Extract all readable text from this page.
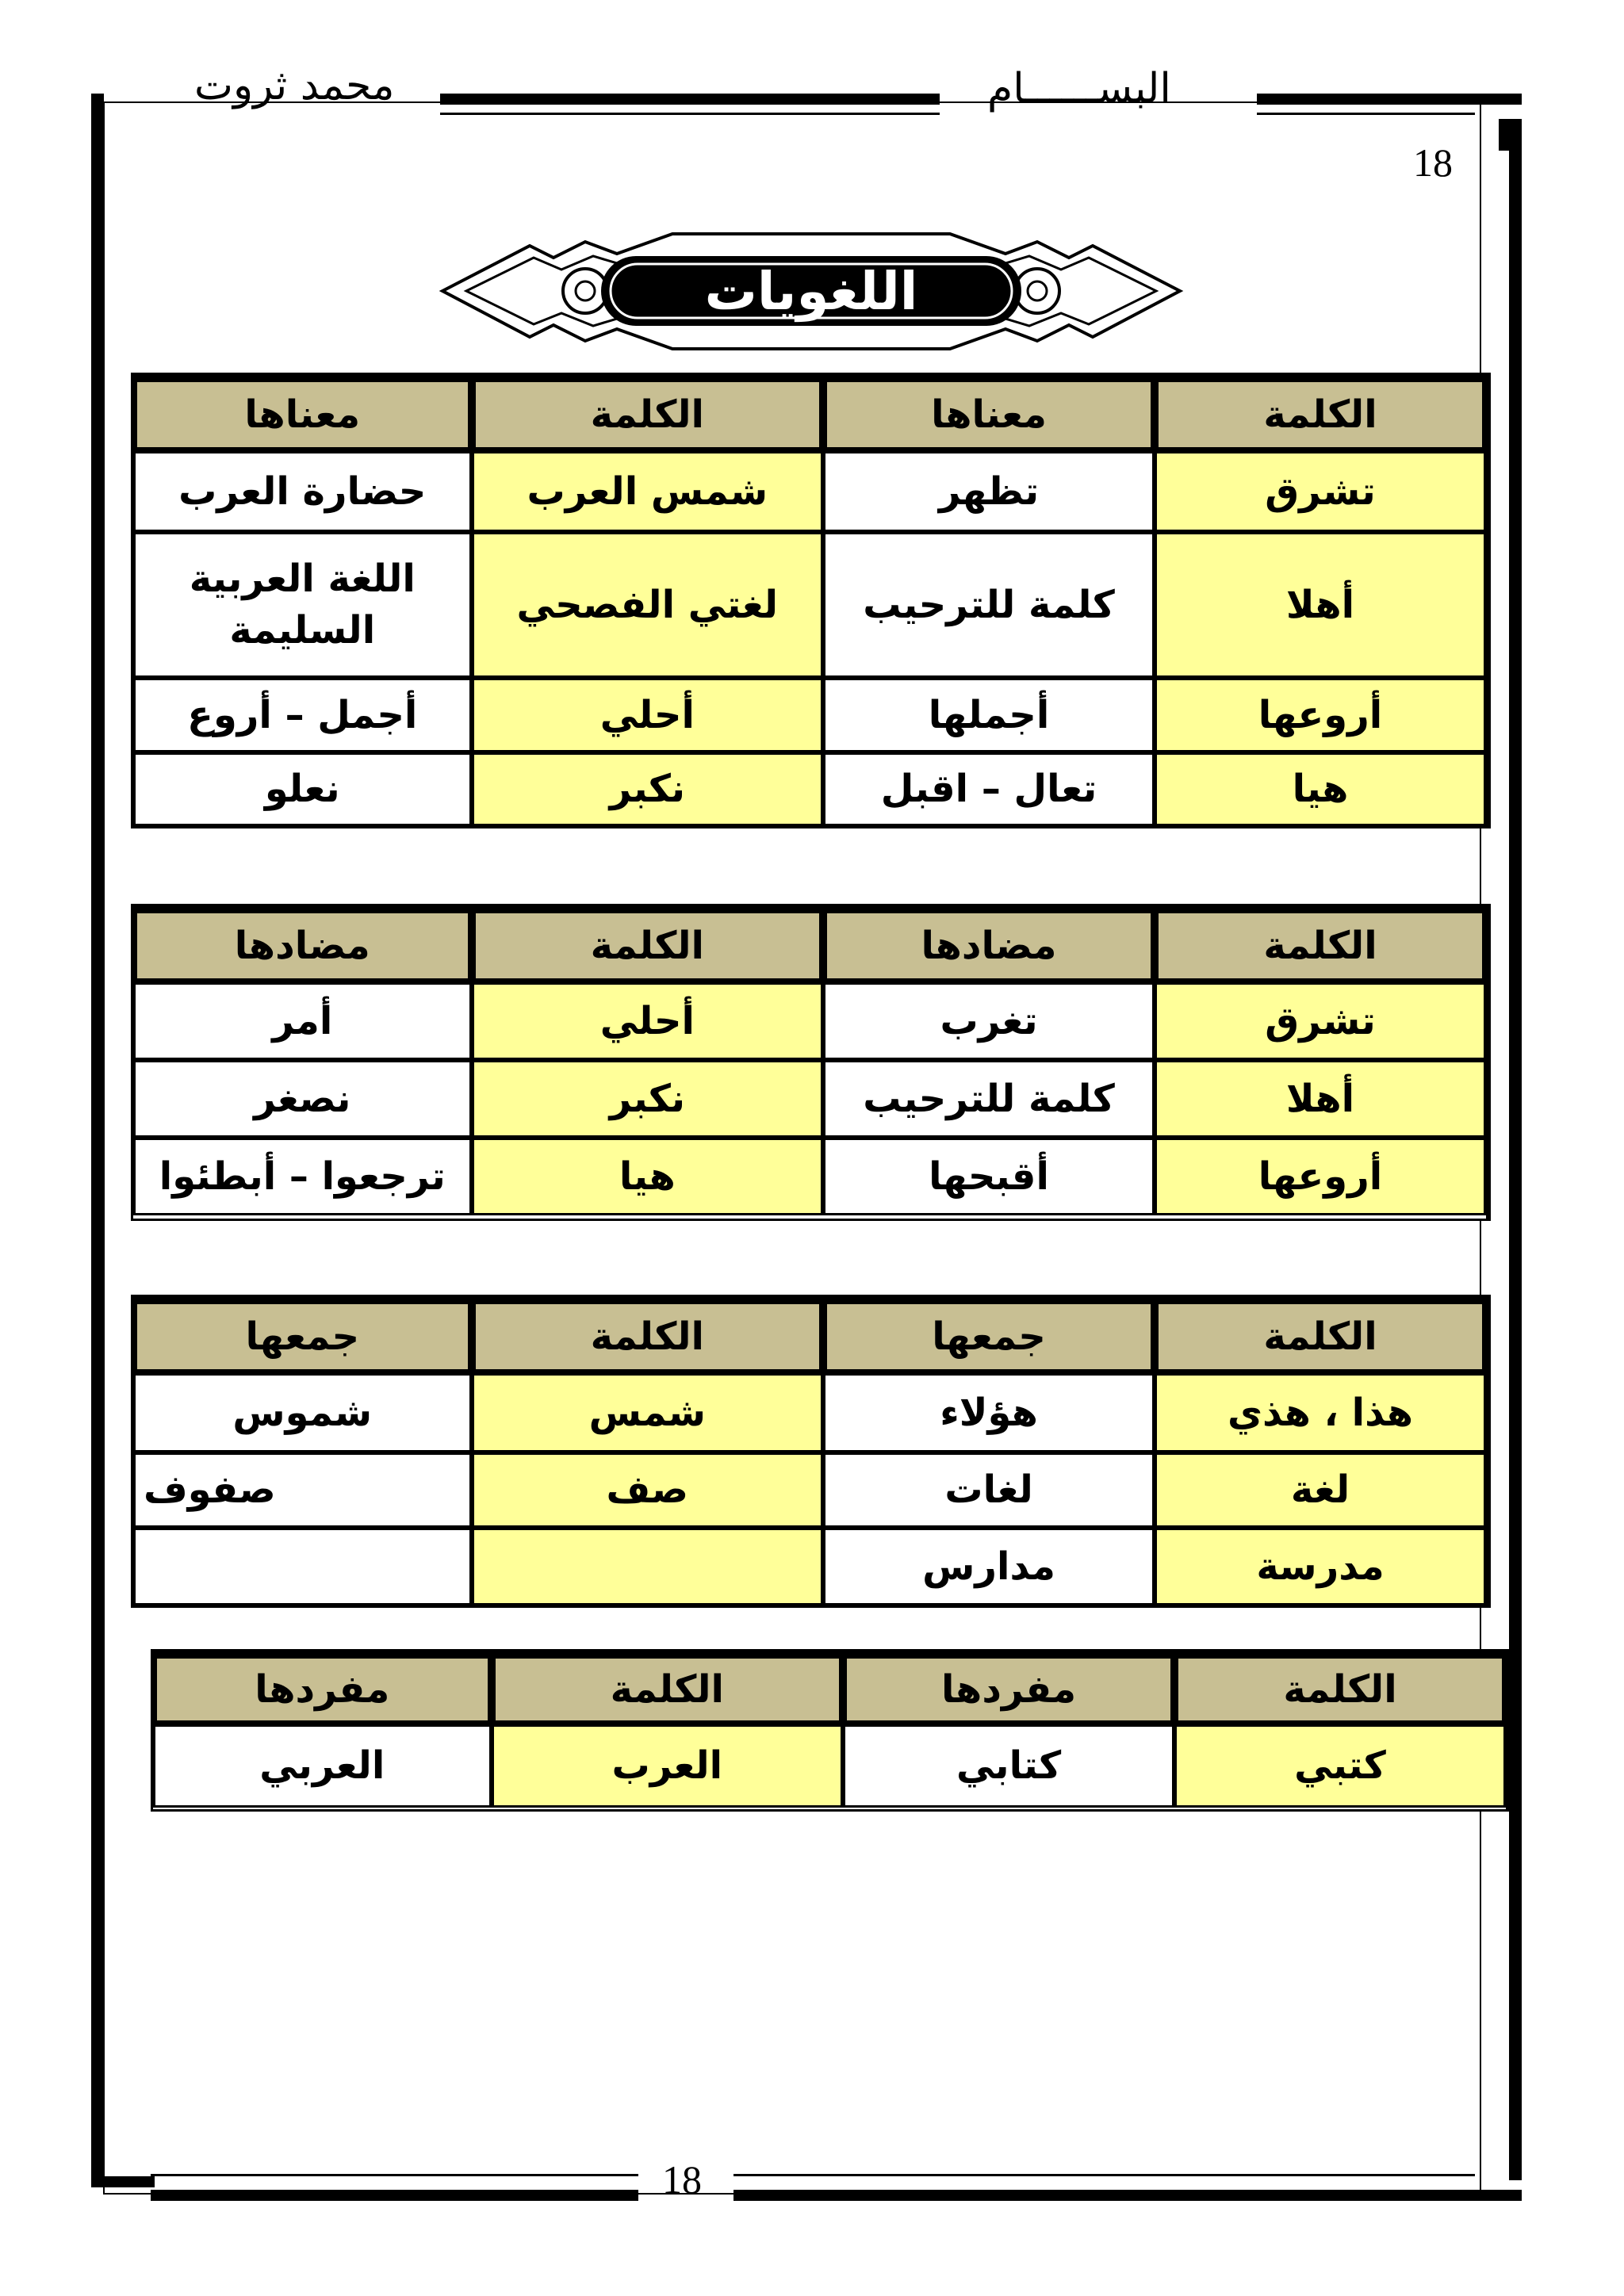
محمد ثروت	البســــــام
18
اللغويات
الكلمة
معناها
الكلمة
معناها
تشرق
تظهر
شمس العرب
حضارة العرب
أهلا
كلمة للترحيب
لغتي الفصحي
اللغة العربية السليمة
أروعها
أجملها
أحلي
أجمل – أروع
هيا
تعال – اقبل
نكبر
نعلو
الكلمة
مضادها
الكلمة
مضادها
تشرق
تغرب
أحلي
أمر
أهلا
كلمة للترحيب
نكبر
نصغر
أروعها
أقبحها
هيا
ترجعوا – أبطئوا
الكلمة
جمعها
الكلمة
جمعها
هذا ، هذي
هؤلاء
شمس
شموس
لغة
لغات
صف
صفوف
مدرسة
مدارس
الكلمة
مفردها
الكلمة
مفردها
كتبي
كتابي
العرب
العربي
18
